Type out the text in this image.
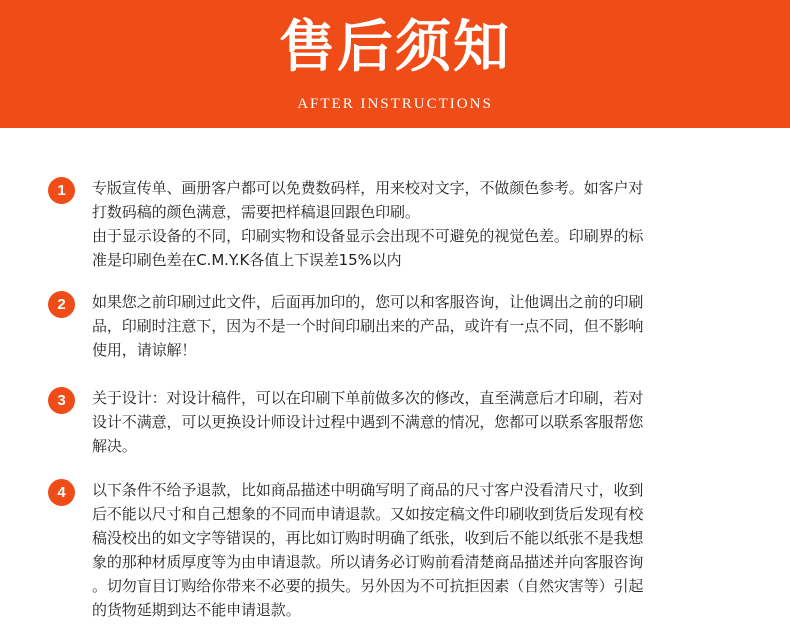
售后须知
AFTER INSTRUCTIONS
1	专版宣传单、画册客户都可以免费数码样，用来校对文字，不做颜色参考。如客户对
打数码稿的颜色满意，需要把样稿退回跟色印刷。
由于显示设备的不同，印刷实物和设备显示会出现不可避免的视觉色差。印刷界的标
准是印刷色差在C.M.Y.K各值上下误差15%以内
2	如果您之前印刷过此文件，后面再加印的，您可以和客服咨询，让他调出之前的印刷
品，印刷时注意下，因为不是一个时间印刷出来的产品，或许有一点不同，但不影响
使用，请谅解！
3	关于设计：对设计稿件，可以在印刷下单前做多次的修改，直至满意后才印刷，若对
设计不满意，可以更换设计师设计过程中遇到不满意的情况，您都可以联系客服帮您
解决。
4	以下条件不给予退款，比如商品描述中明确写明了商品的尺寸客户没看清尺寸，收到
后不能以尺寸和自己想象的不同而申请退款。又如按定稿文件印刷收到货后发现有校
稿没校出的如文字等错误的，再比如订购时明确了纸张，收到后不能以纸张不是我想
象的那种材质厚度等为由申请退款。所以请务必订购前看清楚商品描述并向客服咨询
。切勿盲目订购给你带来不必要的损失。另外因为不可抗拒因素（自然灾害等）引起
的货物延期到达不能申请退款。
